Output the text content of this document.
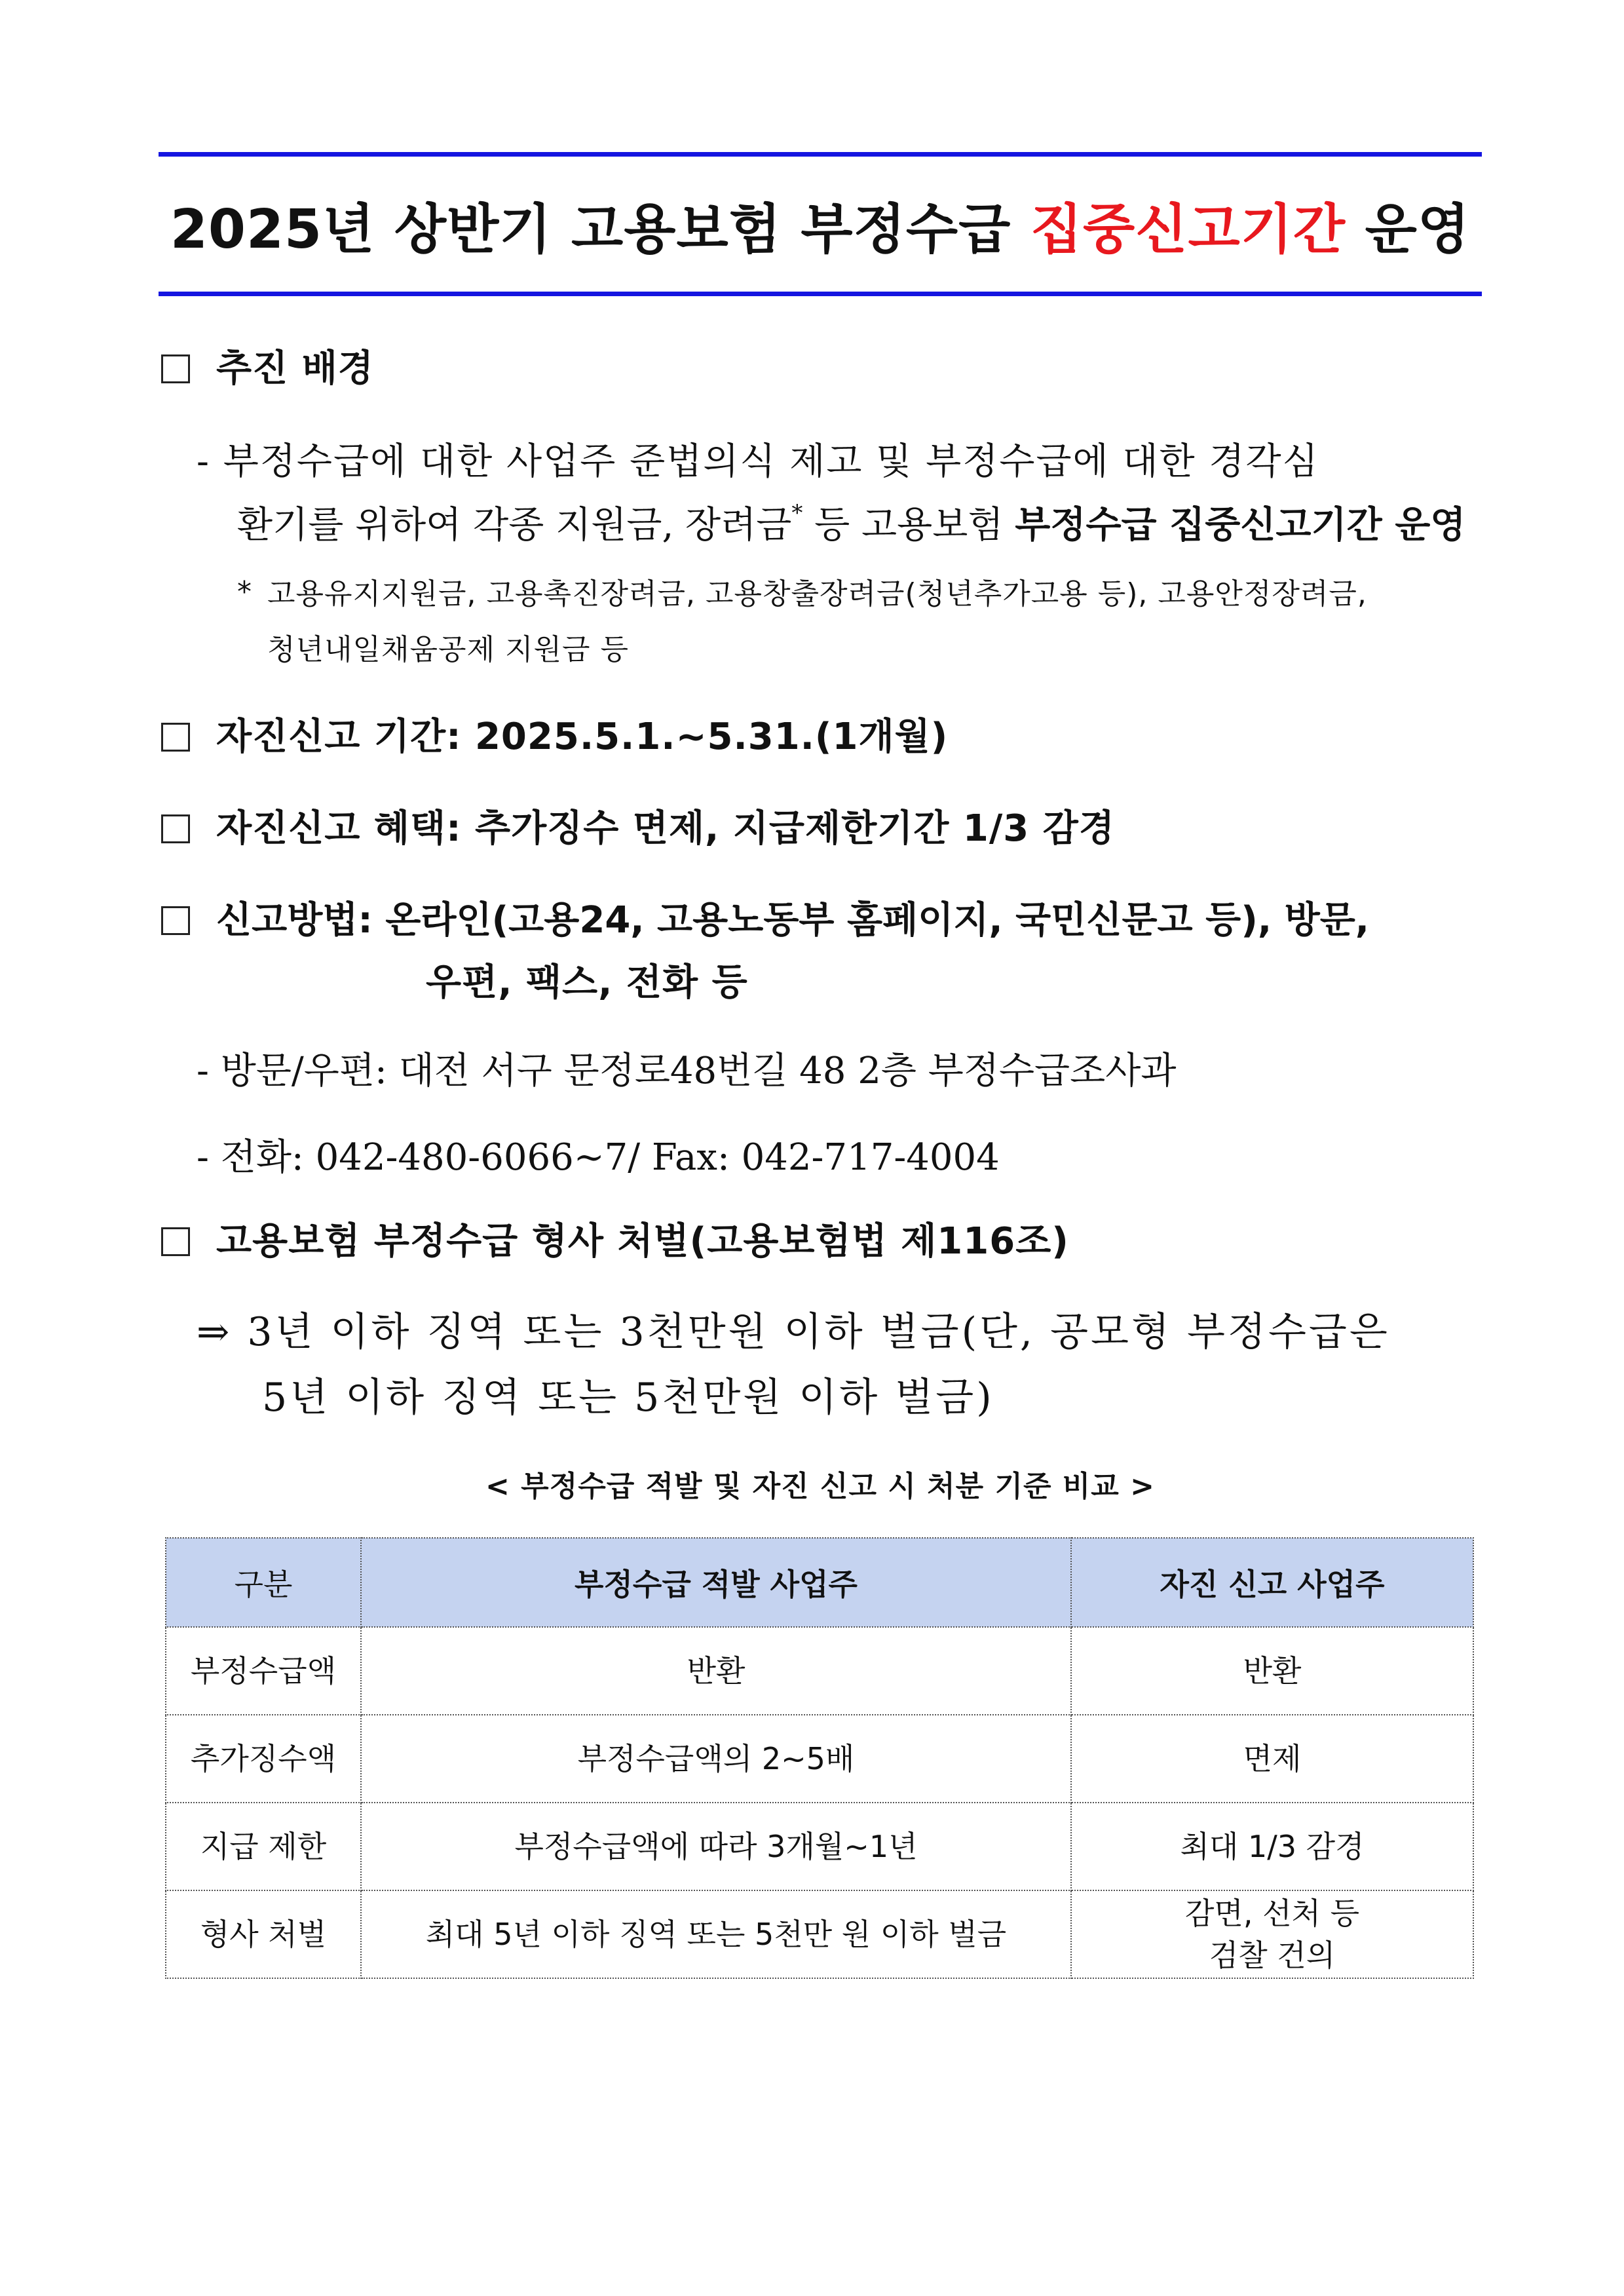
2025년 상반기 고용보험 부정수급 집중신고기간 운영
추진 배경
- 부정수급에 대한 사업주 준법의식 제고 및 부정수급에 대한 경각심
환기를 위하여 각종 지원금, 장려금* 등 고용보험 부정수급 집중신고기간 운영
* 고용유지지원금, 고용촉진장려금, 고용창출장려금(청년추가고용 등), 고용안정장려금,
청년내일채움공제 지원금 등
자진신고 기간: 2025.5.1.~5.31.(1개월)
자진신고 혜택: 추가징수 면제, 지급제한기간 1/3 감경
신고방법: 온라인(고용24, 고용노동부 홈페이지, 국민신문고 등), 방문,
우편, 팩스, 전화 등
- 방문/우편: 대전 서구 문정로48번길 48 2층 부정수급조사과
- 전화: 042-480-6066~7/ Fax: 042-717-4004
고용보험 부정수급 형사 처벌(고용보험법 제116조)
⇒ 3년 이하 징역 또는 3천만원 이하 벌금(단, 공모형 부정수급은
5년 이하 징역 또는 5천만원 이하 벌금)
< 부정수급 적발 및 자진 신고 시 처분 기준 비교 >
구분	부정수급 적발 사업주	자진 신고 사업주
부정수급액	반환	반환
추가징수액	부정수급액의 2~5배	면제
지급 제한	부정수급액에 따라 3개월~1년	최대 1/3 감경
형사 처벌	최대 5년 이하 징역 또는 5천만 원 이하 벌금	감면, 선처 등
검찰 건의
